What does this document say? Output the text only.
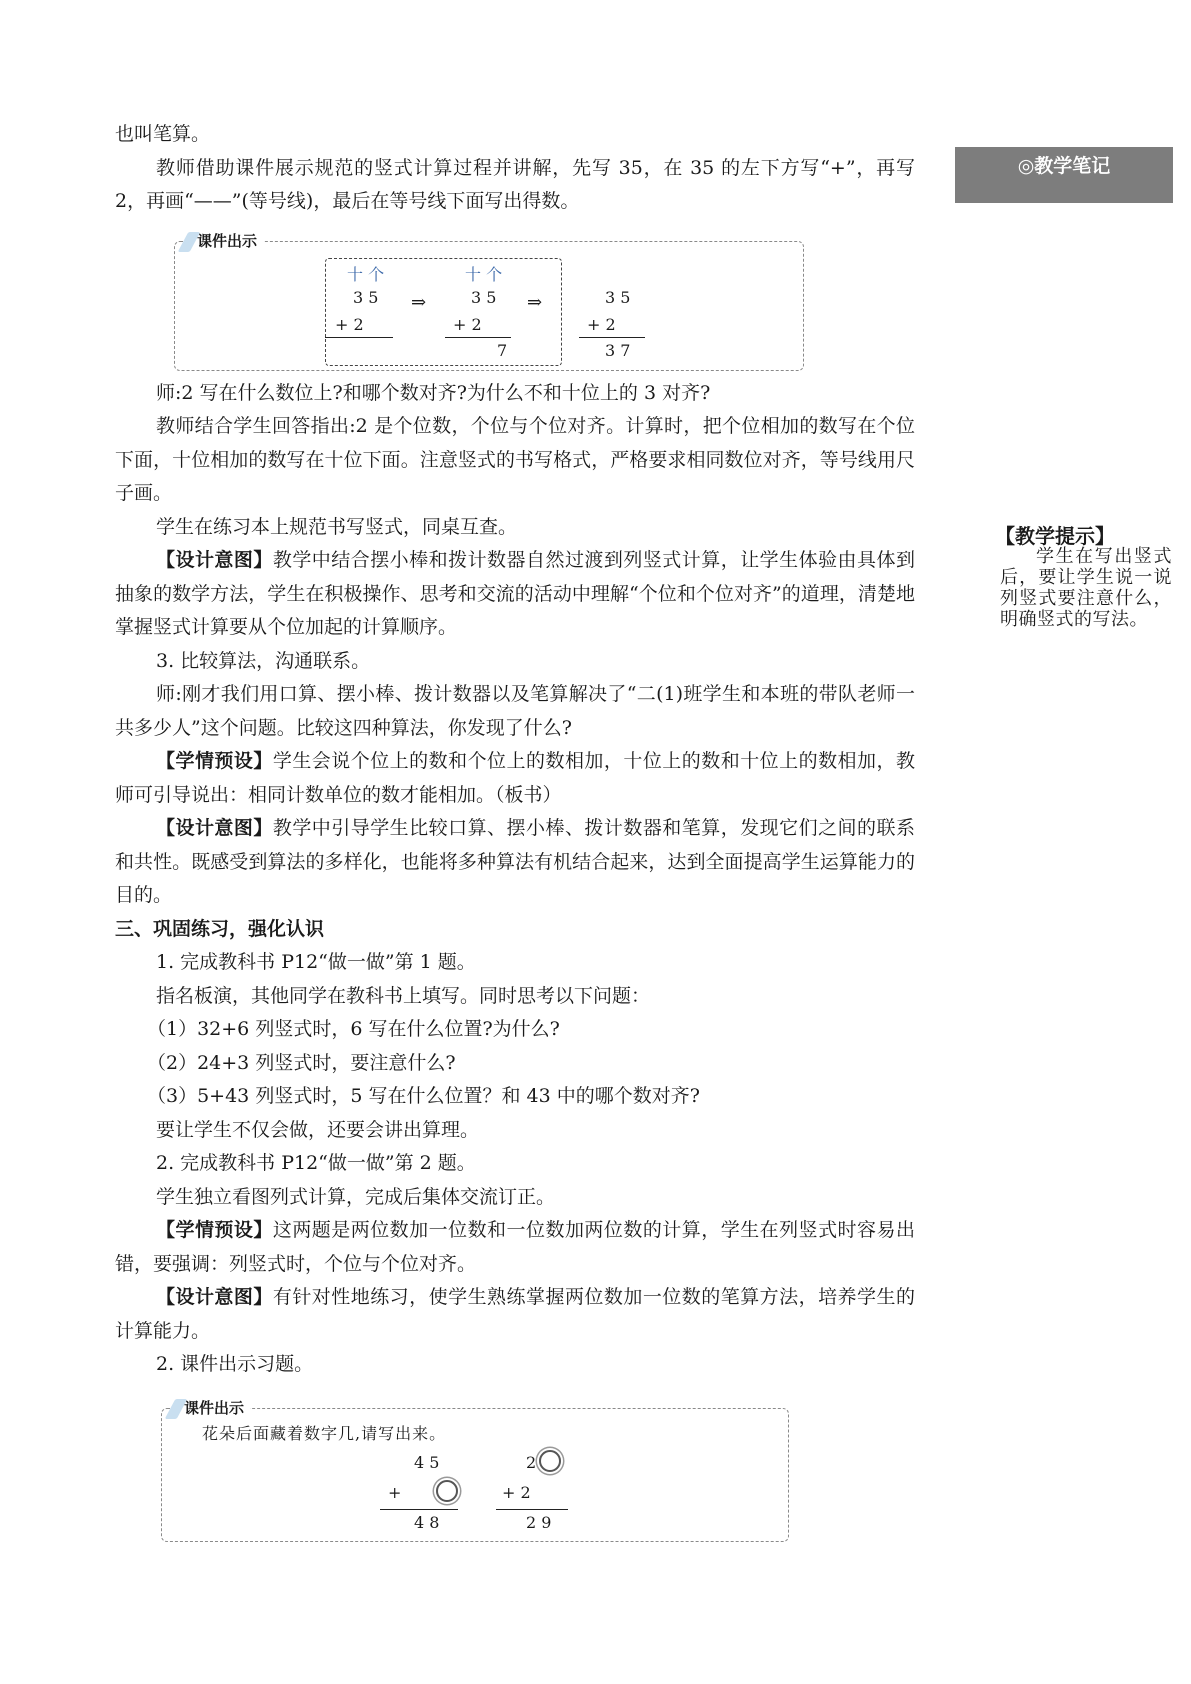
也叫笔算。

教师借助课件展示规范的竖式计算过程并讲解，先写 35，在 35 的左下方写“+”，再写 2，再画“——”(等号线)，最后在等号线下面写出得数。

课件出示
十 个
3 5
+ 2
⇒
十 个
3 5
+ 2
7
⇒	3 5
+ 2
3 7

师:2 写在什么数位上?和哪个数对齐?为什么不和十位上的 3 对齐?

教师结合学生回答指出:2 是个位数，个位与个位对齐。计算时，把个位相加的数写在个位下面，十位相加的数写在十位下面。注意竖式的书写格式，严格要求相同数位对齐，等号线用尺子画。

学生在练习本上规范书写竖式，同桌互查。

【设计意图】教学中结合摆小棒和拨计数器自然过渡到列竖式计算，让学生体验由具体到抽象的数学方法，学生在积极操作、思考和交流的活动中理解“个位和个位对齐”的道理，清楚地掌握竖式计算要从个位加起的计算顺序。

3. 比较算法，沟通联系。

师:刚才我们用口算、摆小棒、拨计数器以及笔算解决了“二(1)班学生和本班的带队老师一共多少人”这个问题。比较这四种算法，你发现了什么?

【学情预设】学生会说个位上的数和个位上的数相加，十位上的数和十位上的数相加，教师可引导说出：相同计数单位的数才能相加。（板书）

【设计意图】教学中引导学生比较口算、摆小棒、拨计数器和笔算，发现它们之间的联系和共性。既感受到算法的多样化，也能将多种算法有机结合起来，达到全面提高学生运算能力的目的。

三、巩固练习，强化认识

1. 完成教科书 P12“做一做”第 1 题。

指名板演，其他同学在教科书上填写。同时思考以下问题：

（1）32+6 列竖式时，6 写在什么位置?为什么?

（2）24+3 列竖式时，要注意什么?

（3）5+43 列竖式时，5 写在什么位置？和 43 中的哪个数对齐?

要让学生不仅会做，还要会讲出算理。

2. 完成教科书 P12“做一做”第 2 题。

学生独立看图列式计算，完成后集体交流订正。

【学情预设】这两题是两位数加一位数和一位数加两位数的计算，学生在列竖式时容易出错，要强调：列竖式时，个位与个位对齐。

【设计意图】有针对性地练习，使学生熟练掌握两位数加一位数的笔算方法，培养学生的计算能力。

2. 课件出示习题。

课件出示
花朵后面藏着数字几,请写出来。
4 5
+
4 8
2
+ 2
2 9
◎教学笔记
【教学提示】
学生在写出竖式后，要让学生说一说列竖式要注意什么，明确竖式的写法。
